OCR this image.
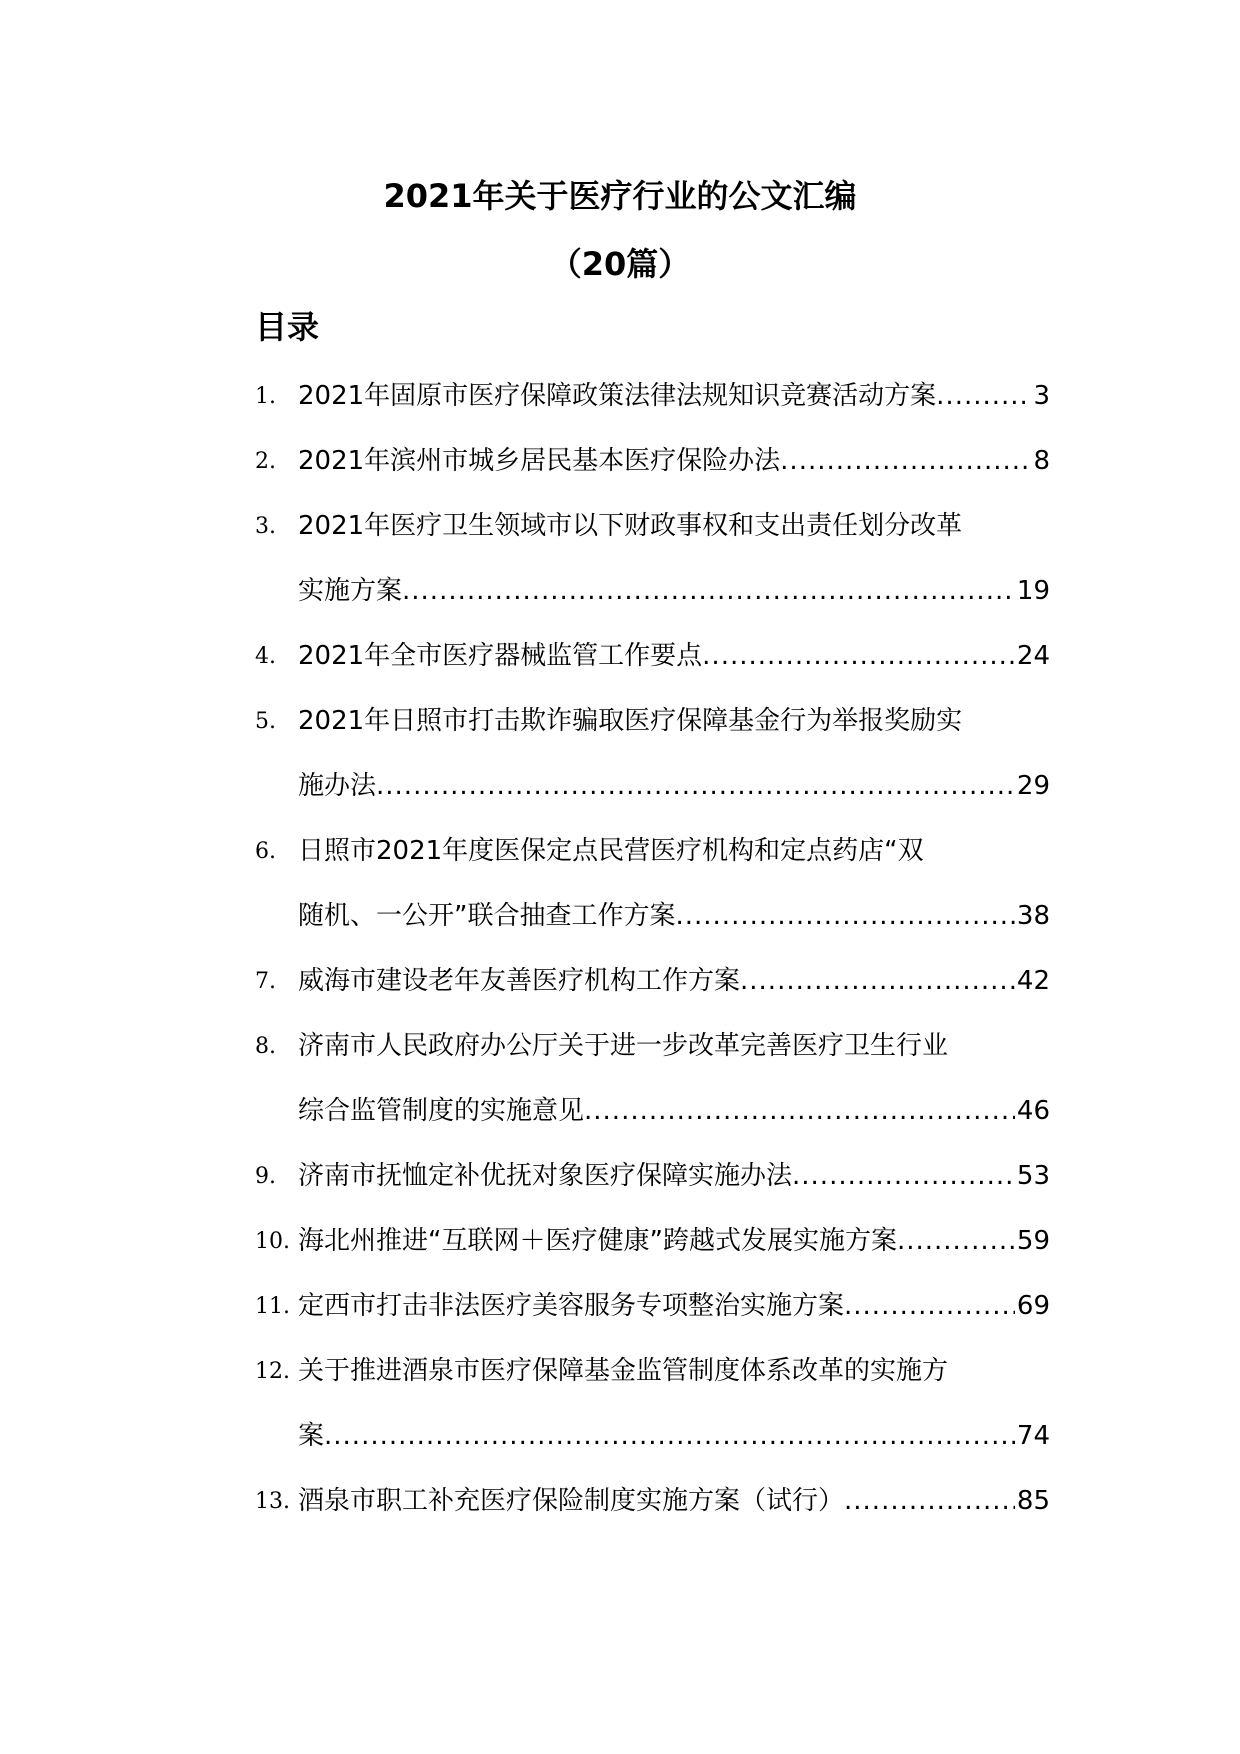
2021年关于医疗行业的公文汇编
（20篇）
目录
1. 2021年固原市医疗保障政策法律法规知识竞赛活动方案 .....	3
2. 2021年滨州市城乡居民基本医疗保险办法 .....	8
3. 2021年医疗卫生领域市以下财政事权和支出责任划分改革
实施方案 .....	19
4. 2021年全市医疗器械监管工作要点 .....	24
5. 2021年日照市打击欺诈骗取医疗保障基金行为举报奖励实
施办法 .....	29
6. 日照市2021年度医保定点民营医疗机构和定点药店“双
随机、一公开”联合抽查工作方案 .....	38
7. 威海市建设老年友善医疗机构工作方案 .....	42
8. 济南市人民政府办公厅关于进一步改革完善医疗卫生行业
综合监管制度的实施意见 .....	46
9. 济南市抚恤定补优抚对象医疗保障实施办法 .....	53
10. 海北州推进“互联网＋医疗健康”跨越式发展实施方案 .....	59
11. 定西市打击非法医疗美容服务专项整治实施方案 .....	69
12. 关于推进酒泉市医疗保障基金监管制度体系改革的实施方
案 .....	74
13. 酒泉市职工补充医疗保险制度实施方案（试行） .....	85
